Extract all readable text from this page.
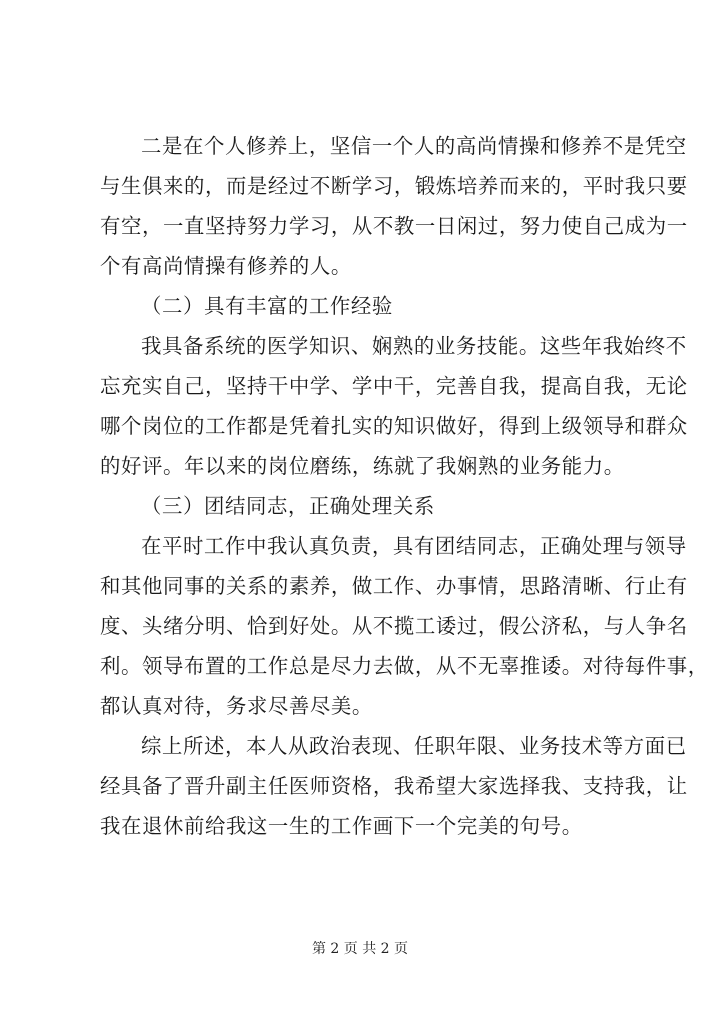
二是在个人修养上，坚信一个人的高尚情操和修养不是凭空
与生俱来的，而是经过不断学习，锻炼培养而来的，平时我只要
有空，一直坚持努力学习，从不教一日闲过，努力使自己成为一
个有高尚情操有修养的人。
（二）具有丰富的工作经验
我具备系统的医学知识、娴熟的业务技能。这些年我始终不
忘充实自己，坚持干中学、学中干，完善自我，提高自我，无论
哪个岗位的工作都是凭着扎实的知识做好，得到上级领导和群众
的好评。年以来的岗位磨练，练就了我娴熟的业务能力。
（三）团结同志，正确处理关系
在平时工作中我认真负责，具有团结同志，正确处理与领导
和其他同事的关系的素养，做工作、办事情，思路清晰、行止有
度、头绪分明、恰到好处。从不揽工诿过，假公济私，与人争名
利。领导布置的工作总是尽力去做，从不无辜推诿。对待每件事，
都认真对待，务求尽善尽美。
综上所述，本人从政治表现、任职年限、业务技术等方面已
经具备了晋升副主任医师资格，我希望大家选择我、支持我，让
我在退休前给我这一生的工作画下一个完美的句号。
第 2 页 共 2 页
